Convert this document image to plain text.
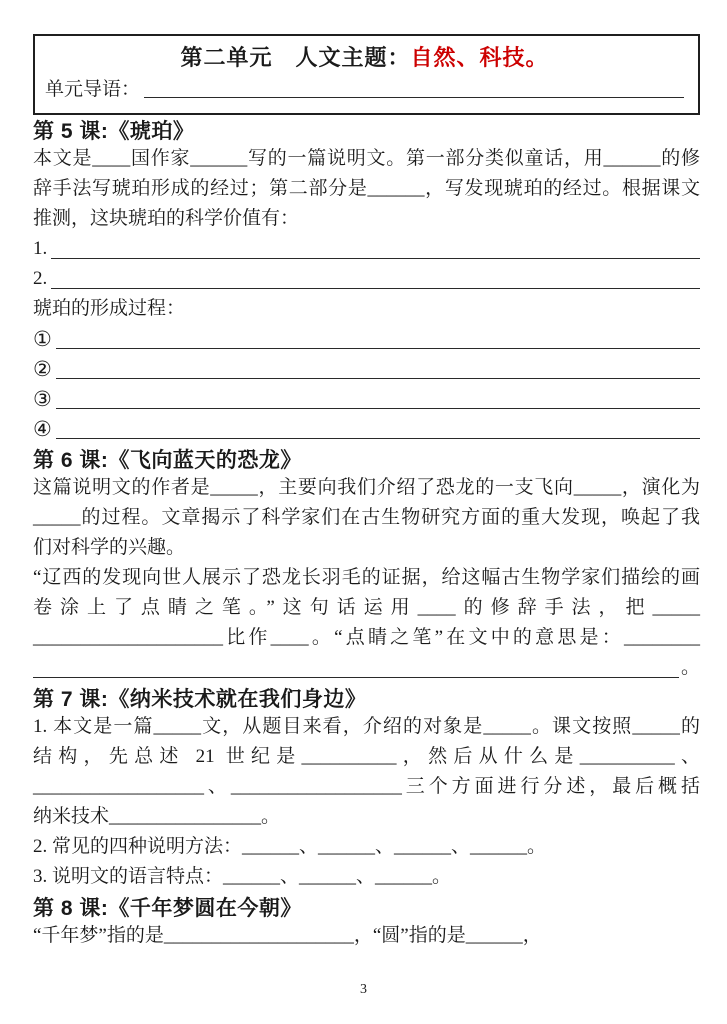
第二单元　人文主题：自然、科技。
单元导语：
第 5 课:《琥珀》
本文是____国作家______写的一篇说明文。第一部分类似童话，用______的修
辞手法写琥珀形成的经过；第二部分是______，写发现琥珀的经过。根据课文
推测，这块琥珀的科学价值有：
1.
2.
琥珀的形成过程：
①
②
③
④
第 6 课:《飞向蓝天的恐龙》
这篇说明文的作者是_____，主要向我们介绍了恐龙的一支飞向_____，演化为
_____的过程。文章揭示了科学家们在古生物研究方面的重大发现，唤起了我
们对科学的兴趣。
“辽西的发现向世人展示了恐龙长羽毛的证据，给这幅古生物学家们描绘的画
卷涂上了点睛之笔。”这句话运用____的修辞手法，把_____
____________________比作____。“点睛之笔”在文中的意思是：________
。
第 7 课:《纳米技术就在我们身边》
1. 本文是一篇_____文，从题目来看，介绍的对象是_____。课文按照_____的
结构，先总述 21 世纪是__________，然后从什么是__________、
__________________、__________________三个方面进行分述，最后概括
纳米技术________________。
2. 常见的四种说明方法：______、______、______、______。
3. 说明文的语言特点：______、______、______。
第 8 课:《千年梦圆在今朝》
“千年梦”指的是____________________，“圆”指的是______，
3
